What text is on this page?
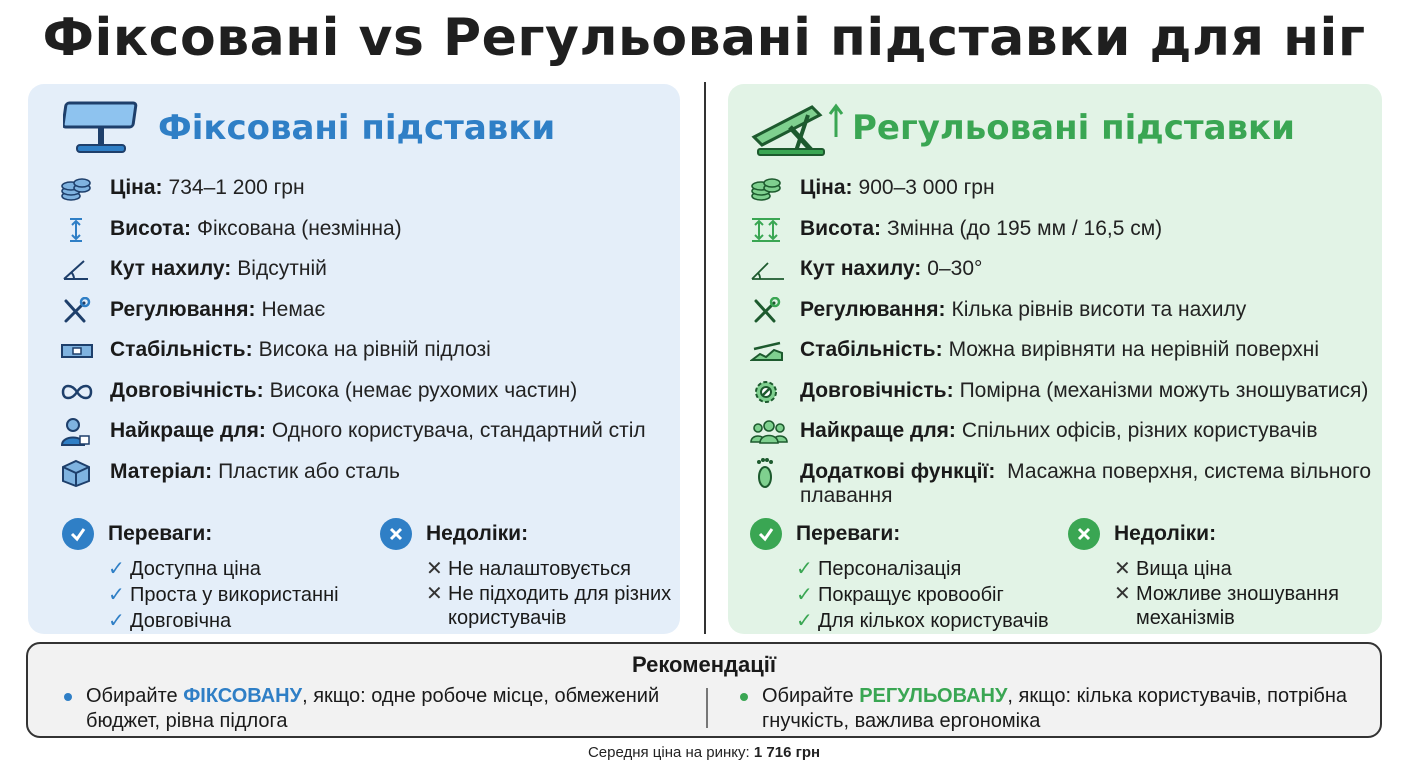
Фіксовані vs Регульовані підставки для ніг
Фіксовані підставки
Ціна: 734–1 200 грн
Висота: Фіксована (незмінна)
Кут нахилу: Відсутній
Регулювання: Немає
Стабільність: Висока на рівній підлозі
Довговічність: Висока (немає рухомих частин)
Найкраще для: Одного користувача, стандартний стіл
Матеріал: Пластик або сталь
Переваги:
✓ Доступна ціна
✓ Проста у використанні
✓ Довговічна
Недоліки:
✕ Не налаштовується
✕ Не підходить для різних користувачів
Регульовані підставки
Ціна: 900–3 000 грн
Висота: Змінна (до 195 мм / 16,5 см)
Кут нахилу: 0–30°
Регулювання: Кількa рівнів висоти та нахилу
Стабільність: Можна вирівняти на нерівній поверхні
Довговічність: Помірна (механізми можуть зношуватися)
Найкраще для: Спільних офісів, різних користувачів
Додаткові функції: Масажна поверхня, система вільного плавання
Переваги:
✓ Персоналізація
✓ Покращує кровообіг
✓ Для кількох користувачів
Недоліки:
✕ Вища ціна
✕ Можливе зношування механізмів
Рекомендації
Обирайте ФІКСОВАНУ, якщо: одне робоче місце, обмежений бюджет, рівна підлога
Обирайте РЕГУЛЬОВАНУ, якщо: кілька користувачів, потрібна гнучкість, важлива ергономіка
Середня ціна на ринку: 1 716 грн
